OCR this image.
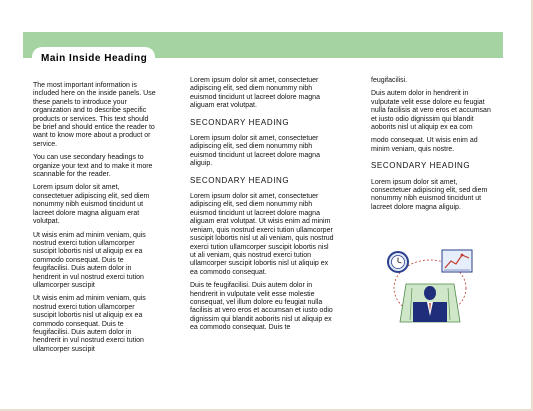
Main Inside Heading

The most important information is included here on the inside panels. Use these panels to introduce your organization and to describe specific products or services. This text should be brief and should entice the reader to want to know more about a product or service.

You can use secondary headings to organize your text and to make it more scannable for the reader.

Lorem ipsum dolor sit amet, consectetuer adipiscing elit, sed diem nonummy nibh euismod tincidunt ut lacreet dolore magna aliguam erat volutpat.

Ut wisis enim ad minim veniam, quis nostrud exerci tution ullamcorper suscipit lobortis nisl ut aliquip ex ea commodo consequat. Duis te feugifacilisi. Duis autem dolor in hendrerit in vul nostrud exerci tution ullamcorper suscipit

Ut wisis enim ad minim veniam, quis nostrud exerci tution ullamcorper suscipit lobortis nisl ut aliquip ex ea commodo consequat. Duis te feugifacilisi. Duis autem dolor in hendrerit in vul nostrud exerci tution ullamcorper suscipit

Lorem ipsum dolor sit amet, consectetuer adipiscing elit, sed diem nonummy nibh euismod tincidunt ut lacreet dolore magna aliguam erat volutpat.

SECONDARY HEADING

Lorem ipsum dolor sit amet, consectetuer adipiscing elit, sed diem nonummy nibh euismod tincidunt ut lacreet dolore magna aliguip.

SECONDARY HEADING

Lorem ipsum dolor sit amet, consectetuer adipiscing elit, sed diem nonummy nibh euismod tincidunt ut lacreet dolore magna aliguam erat volutpat. Ut wisis enim ad minim veniam, quis nostrud exerci tution ullamcorper suscipit lobortis nisl ut ali veniam, quis nostrud exerci tution ullamcorper suscipit lobortis nisl ut ali veniam, quis nostrud exerci tution ullamcorper suscipit lobortis nisl ut aliquip ex ea commodo consequat.

Duis te feugifacilisi. Duis autem dolor in hendrerit in vulputate velit esse molestie consequat, vel illum dolore eu feugiat nulla facilisis at vero eros et accumsan et iusto odio dignissim qui blandit aoborits nisl ut aliquip ex ea commodo consequat. Duis te

feugifacilisi.

Duis autem dolor in hendrerit in vulputate velit esse dolore eu feugiat nulla facilisis at vero eros et accumsan et iusto odio dignissim qui blandit aoborits nisl ut aliquip ex ea com

modo consequat. Ut wisis enim ad minim veniam, quis nostre.

SECONDARY HEADING

Lorem ipsum dolor sit amet, consectetuer adipiscing elit, sed diem nonummy nibh euismod tincidunt ut lacreet dolore magna aliguip.
